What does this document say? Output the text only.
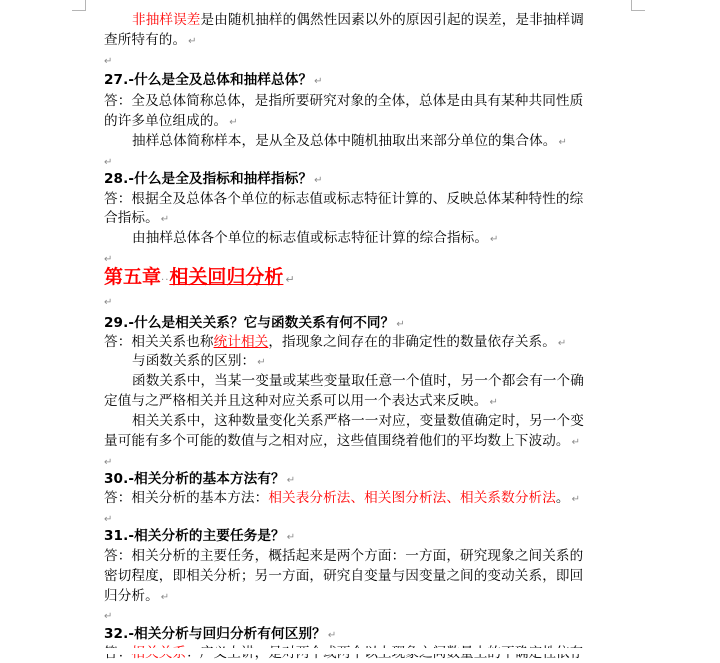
非抽样误差是由随机抽样的偶然性因素以外的原因引起的误差，是非抽样调
查所特有的。 ↵
↵
27.-什么是全及总体和抽样总体？ ↵
答：全及总体简称总体，是指所要研究对象的全体，总体是由具有某种共同性质
的许多单位组成的。 ↵
抽样总体简称样本，是从全及总体中随机抽取出来部分单位的集合体。 ↵
↵
28.-什么是全及指标和抽样指标？ ↵
答：根据全及总体各个单位的标志值或标志特征计算的、反映总体某种特性的综
合指标。 ↵
由抽样总体各个单位的标志值或标志特征计算的综合指标。 ↵
↵
第五章··相关回归分析 ↵
↵
29.-什么是相关关系？它与函数关系有何不同？ ↵
答：相关关系也称统计相关，指现象之间存在的非确定性的数量依存关系。 ↵
与函数关系的区别： ↵
函数关系中，当某一变量或某些变量取任意一个值时，另一个都会有一个确
定值与之严格相关并且这种对应关系可以用一个表达式来反映。 ↵
相关关系中，这种数量变化关系严格一一对应，变量数值确定时，另一个变
量可能有多个可能的数值与之相对应，这些值围绕着他们的平均数上下波动。 ↵
↵
30.-相关分析的基本方法有？ ↵
答：相关分析的基本方法：相关表分析法、相关图分析法、相关系数分析法。 ↵
↵
31.-相关分析的主要任务是？ ↵
答：相关分析的主要任务，概括起来是两个方面：一方面，研究现象之间关系的
密切程度，即相关分析；另一方面，研究自变量与因变量之间的变动关系，即回
归分析。 ↵
↵
32.-相关分析与回归分析有何区别？ ↵
